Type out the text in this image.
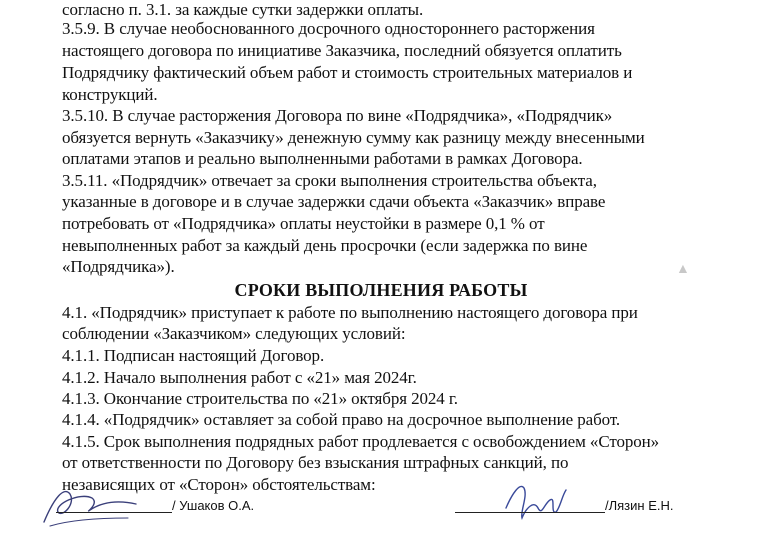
▲

согласно п. 3.1. за каждые сутки задержки оплаты.

3.5.9. В случае необоснованного досрочного одностороннего расторжения

настоящего договора по инициативе Заказчика, последний обязуется оплатить

Подрядчику фактический объем работ и стоимость строительных материалов и

конструкций.

3.5.10. В случае расторжения Договора по вине «Подрядчика», «Подрядчик»

обязуется вернуть «Заказчику» денежную сумму как разницу между внесенными

оплатами этапов и реально выполненными работами в рамках Договора.

3.5.11. «Подрядчик» отвечает за сроки выполнения строительства объекта,

указанные в договоре и в случае задержки сдачи объекта «Заказчик» вправе

потребовать от «Подрядчика» оплаты неустойки в размере 0,1 % от

невыполненных работ за каждый день просрочки (если задержка по вине

«Подрядчика»).

СРОКИ ВЫПОЛНЕНИЯ РАБОТЫ

4.1. «Подрядчик» приступает к работе по выполнению настоящего договора при

соблюдении «Заказчиком» следующих условий:

4.1.1. Подписан настоящий Договор.

4.1.2. Начало выполнения работ с «21» мая 2024г.

4.1.3. Окончание строительства по «21» октября 2024 г.

4.1.4. «Подрядчик» оставляет за собой право на досрочное выполнение работ.

4.1.5. Срок выполнения подрядных работ продлевается с освобождением «Сторон»

от ответственности по Договору без взыскания штрафных санкций, по

независящих от «Сторон» обстоятельствам:

/ Ушаков О.А.	/Лязин Е.Н.
